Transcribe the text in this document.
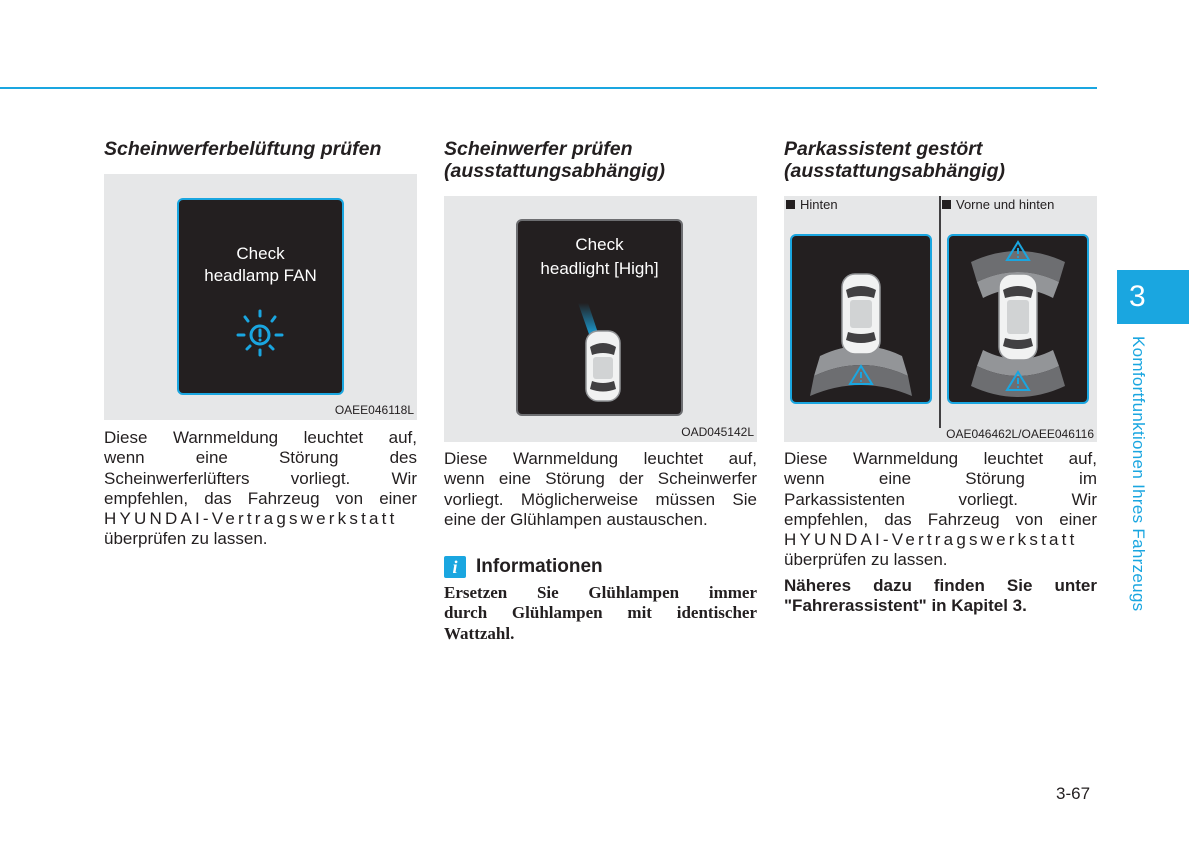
Scheinwerferbelüftung prüfen
Check
headlamp FAN
OAEE046118L

Diese Warnmeldung leuchtet auf,

wenn eine Störung des

Scheinwerferlüfters vorliegt. Wir

empfehlen, das Fahrzeug von einer

HYUNDAI-Vertragswerkstatt

überprüfen zu lassen.

Scheinwerfer prüfen
(ausstattungsabhängig)
Check
headlight [High]
OAD045142L

Diese Warnmeldung leuchtet auf,

wenn eine Störung der Scheinwerfer

vorliegt. Möglicherweise müssen Sie

eine der Glühlampen austauschen.

i Informationen
Ersetzen Sie Glühlampen immer
durch Glühlampen mit identischer
Wattzahl.
Parkassistent gestört
(ausstattungsabhängig)
Hinten	Vorne und hinten
OAE046462L/OAEE046116

Diese Warnmeldung leuchtet auf,

wenn eine Störung im

Parkassistenten vorliegt. Wir

empfehlen, das Fahrzeug von einer

HYUNDAI-Vertragswerkstatt

überprüfen zu lassen.

Näheres dazu finden Sie unter

"Fahrerassistent" in Kapitel 3.

3
Komfortfunktionen Ihres Fahrzeugs
3-67
